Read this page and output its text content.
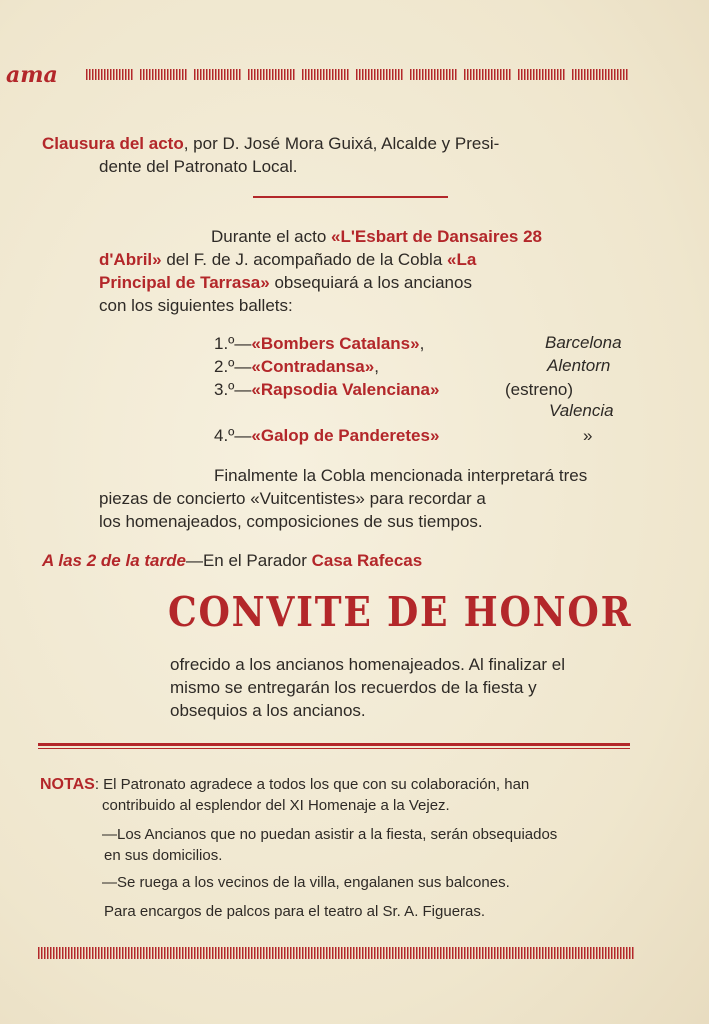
ama
Clausura del acto, por D. José Mora Guixá, Alcalde y Presi-
dente del Patronato Local.
Durante el acto «L'Esbart de Dansaires 28
d'Abril» del F. de J. acompañado de la Cobla «La
Principal de Tarrasa» obsequiará a los ancianos
con los siguientes ballets:
1.º—«Bombers Catalans»,	Barcelona
2.º—«Contradansa»,	Alentorn
3.º—«Rapsodia Valenciana»	(estreno)
Valencia
4.º—«Galop de Panderetes»	»
Finalmente la Cobla mencionada interpretará tres
piezas de concierto «Vuitcentistes» para recordar a
los homenajeados, composiciones de sus tiempos.
A las 2 de la tarde—En el Parador Casa Rafecas
CONVITE DE HONOR
ofrecido a los ancianos homenajeados. Al finalizar el
mismo se entregarán los recuerdos de la fiesta y
obsequios a los ancianos.
NOTAS: El Patronato agradece a todos los que con su colaboración, han
contribuido al esplendor del XI Homenaje a la Vejez.
—Los Ancianos que no puedan asistir a la fiesta, serán obsequiados
en sus domicilios.
—Se ruega a los vecinos de la villa, engalanen sus balcones.
Para encargos de palcos para el teatro al Sr. A. Figueras.
